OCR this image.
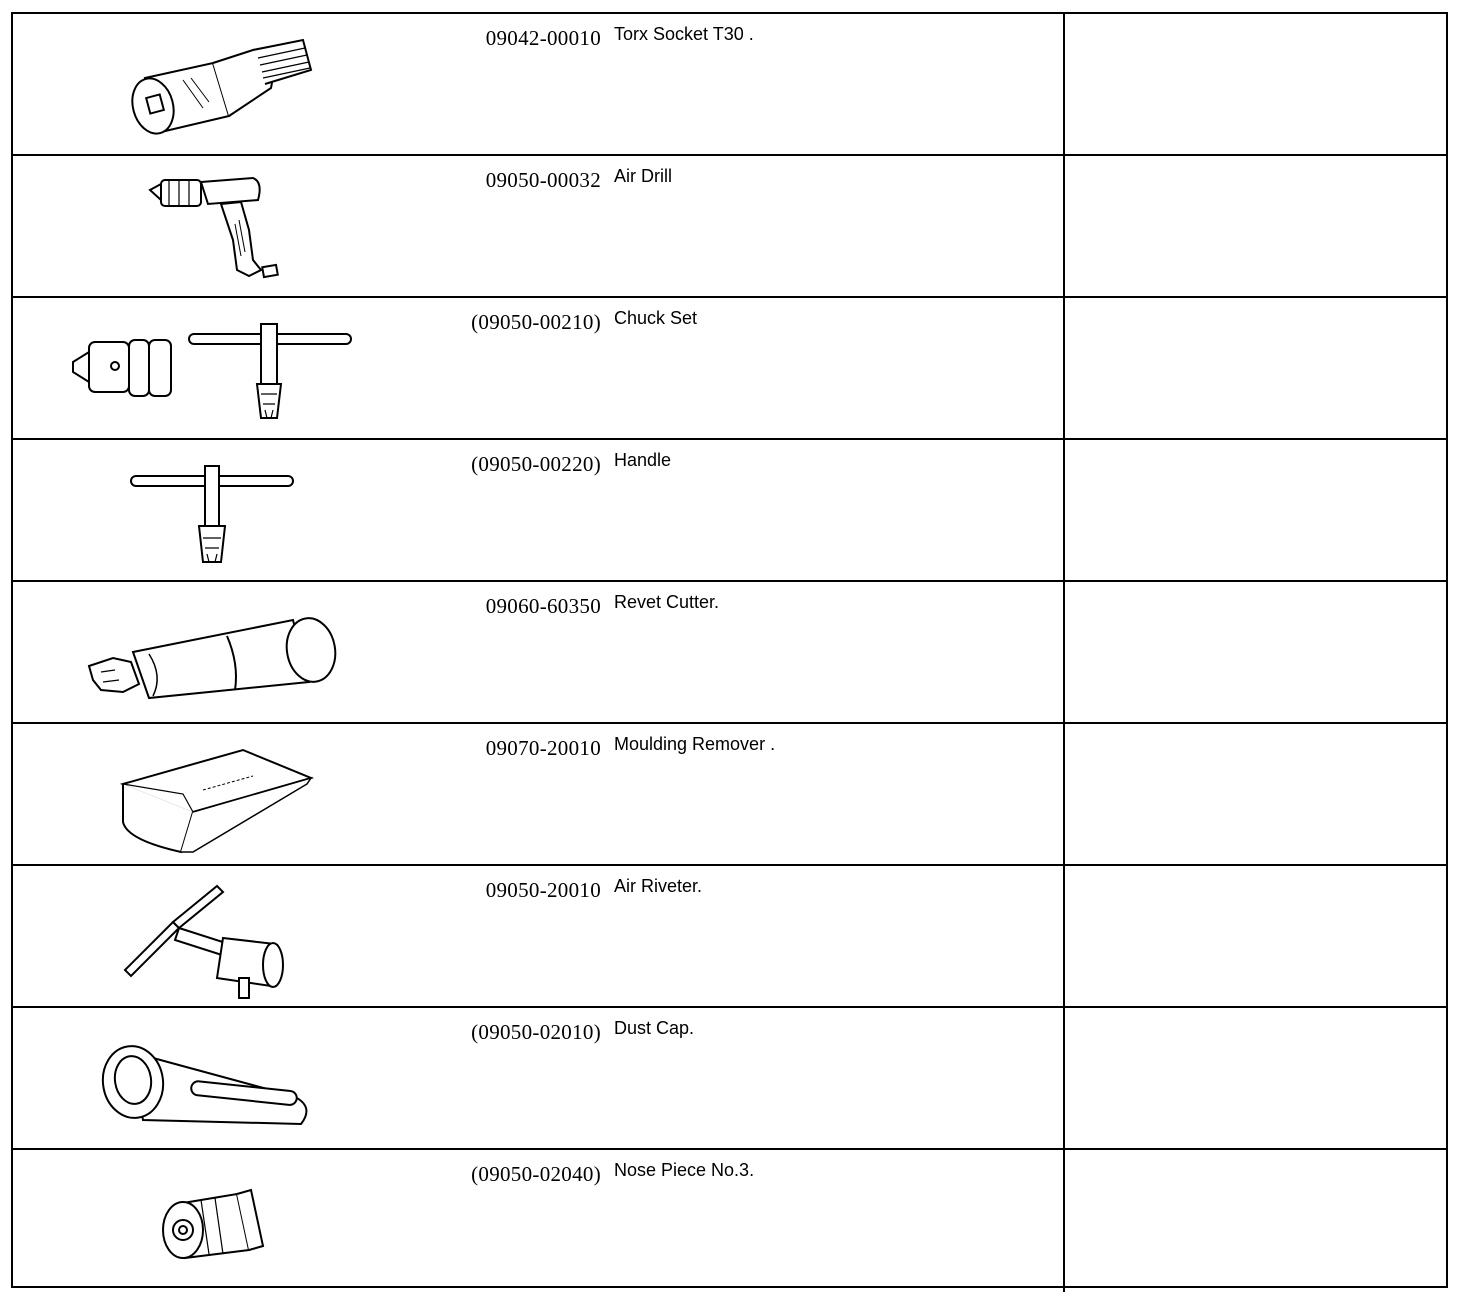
09042-00010 Torx Socket T30 .
09050-00032 Air Drill
(09050-00210) Chuck Set
(09050-00220) Handle
09060-60350 Revet Cutter.
09070-20010 Moulding Remover .
09050-20010 Air Riveter.
(09050-02010) Dust Cap.
(09050-02040) Nose Piece No.3.
